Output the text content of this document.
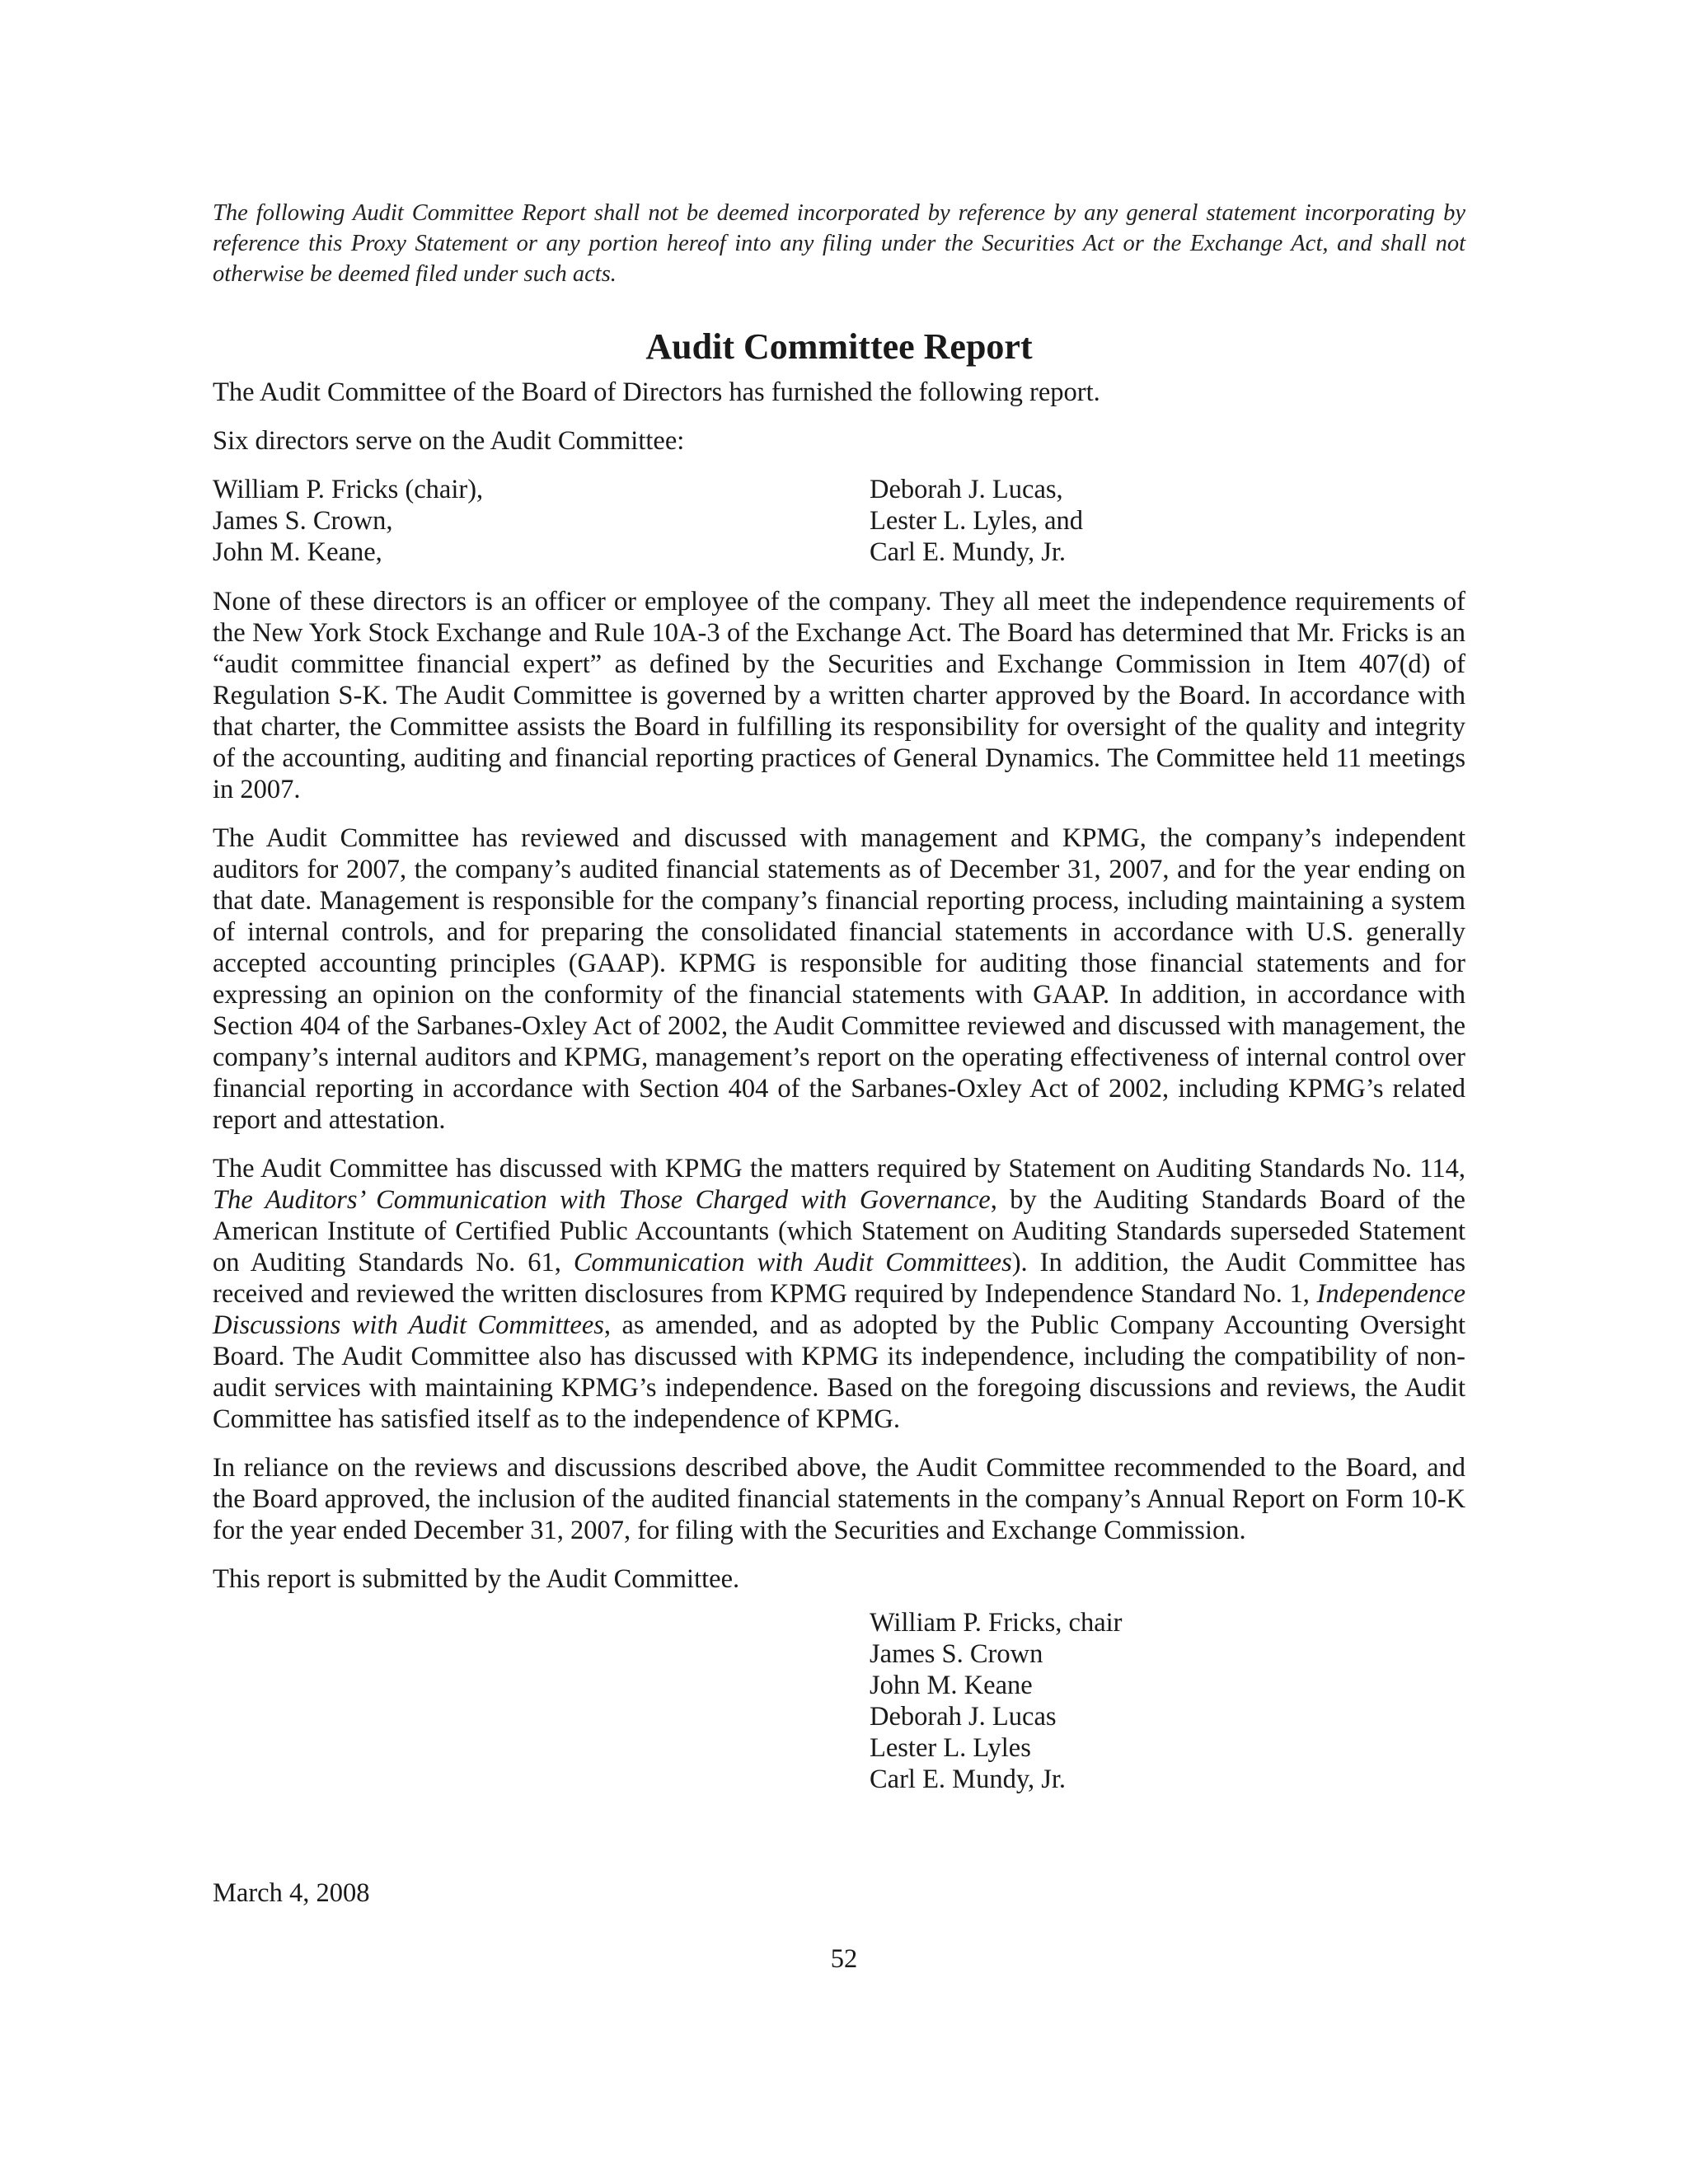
The following Audit Committee Report shall not be deemed incorporated by reference by any general statement incorporating by reference this Proxy Statement or any portion hereof into any filing under the Securities Act or the Exchange Act, and shall not otherwise be deemed filed under such acts.

Audit Committee Report

The Audit Committee of the Board of Directors has furnished the following report.

Six directors serve on the Audit Committee:

William P. Fricks (chair),
James S. Crown,
John M. Keane,
Deborah J. Lucas,
Lester L. Lyles, and
Carl E. Mundy, Jr.

None of these directors is an officer or employee of the company. They all meet the independence requirements of the New York Stock Exchange and Rule 10A-3 of the Exchange Act. The Board has determined that Mr. Fricks is an “audit committee financial expert” as defined by the Securities and Exchange Commission in Item 407(d) of Regulation S-K. The Audit Committee is governed by a written charter approved by the Board. In accordance with that charter, the Committee assists the Board in fulfilling its responsibility for oversight of the quality and integrity of the accounting, auditing and financial reporting practices of General Dynamics. The Committee held 11 meetings in 2007.

The Audit Committee has reviewed and discussed with management and KPMG, the company’s independent auditors for 2007, the company’s audited financial statements as of December 31, 2007, and for the year ending on that date. Management is responsible for the company’s financial reporting process, including maintaining a system of internal controls, and for preparing the consolidated financial statements in accordance with U.S. generally accepted accounting principles (GAAP). KPMG is responsible for auditing those financial statements and for expressing an opinion on the conformity of the financial statements with GAAP. In addition, in accordance with Section 404 of the Sarbanes-Oxley Act of 2002, the Audit Committee reviewed and discussed with management, the company’s internal auditors and KPMG, management’s report on the operating effectiveness of internal control over financial reporting in accordance with Section 404 of the Sarbanes-Oxley Act of 2002, including KPMG’s related report and attestation.

The Audit Committee has discussed with KPMG the matters required by Statement on Auditing Standards No. 114, The Auditors’ Communication with Those Charged with Governance, by the Auditing Standards Board of the American Institute of Certified Public Accountants (which Statement on Auditing Standards superseded Statement on Auditing Standards No. 61, Communication with Audit Committees). In addition, the Audit Committee has received and reviewed the written disclosures from KPMG required by Independence Standard No. 1, Independence Discussions with Audit Committees, as amended, and as adopted by the Public Company Accounting Oversight Board. The Audit Committee also has discussed with KPMG its independence, including the compatibility of non-audit services with maintaining KPMG’s independence. Based on the foregoing discussions and reviews, the Audit Committee has satisfied itself as to the independence of KPMG.

In reliance on the reviews and discussions described above, the Audit Committee recommended to the Board, and the Board approved, the inclusion of the audited financial statements in the company’s Annual Report on Form 10-K for the year ended December 31, 2007, for filing with the Securities and Exchange Commission.

This report is submitted by the Audit Committee.

William P. Fricks, chair
James S. Crown
John M. Keane
Deborah J. Lucas
Lester L. Lyles
Carl E. Mundy, Jr.
March 4, 2008
52
